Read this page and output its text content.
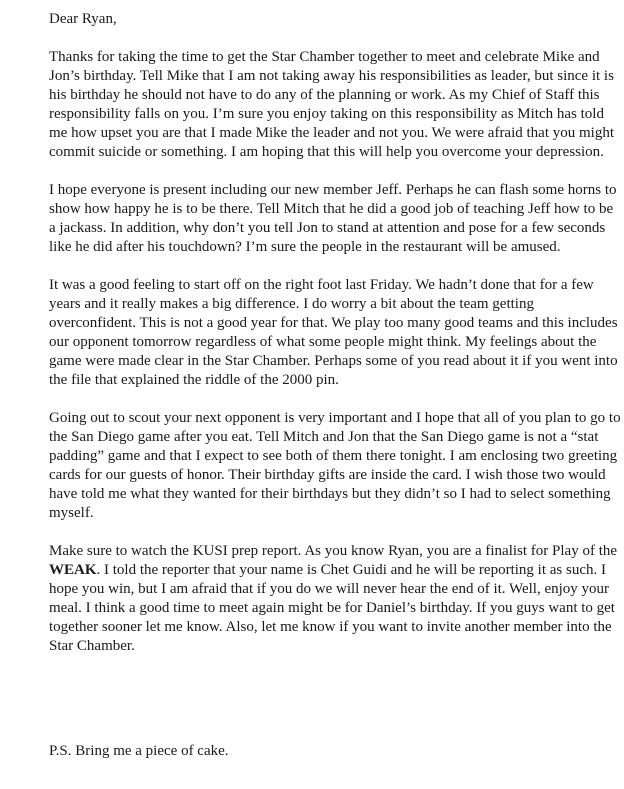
Dear Ryan,

Thanks for taking the time to get the Star Chamber together to meet and celebrate Mike and Jon’s birthday. Tell Mike that I am not taking away his responsibilities as leader, but since it is his birthday he should not have to do any of the planning or work. As my Chief of Staff this responsibility falls on you. I’m sure you enjoy taking on this responsibility as Mitch has told me how upset you are that I made Mike the leader and not you. We were afraid that you might commit suicide or something. I am hoping that this will help you overcome your depression.

I hope everyone is present including our new member Jeff. Perhaps he can flash some horns to show how happy he is to be there. Tell Mitch that he did a good job of teaching Jeff how to be a jackass. In addition, why don’t you tell Jon to stand at attention and pose for a few seconds like he did after his touchdown? I’m sure the people in the restaurant will be amused.

It was a good feeling to start off on the right foot last Friday. We hadn’t done that for a few years and it really makes a big difference. I do worry a bit about the team getting overconfident. This is not a good year for that. We play too many good teams and this includes our opponent tomorrow regardless of what some people might think. My feelings about the game were made clear in the Star Chamber. Perhaps some of you read about it if you went into the file that explained the riddle of the 2000 pin.

Going out to scout your next opponent is very important and I hope that all of you plan to go to the San Diego game after you eat. Tell Mitch and Jon that the San Diego game is not a “stat padding” game and that I expect to see both of them there tonight. I am enclosing two greeting cards for our guests of honor. Their birthday gifts are inside the card. I wish those two would have told me what they wanted for their birthdays but they didn’t so I had to select something myself.

Make sure to watch the KUSI prep report. As you know Ryan, you are a finalist for Play of the WEAK. I told the reporter that your name is Chet Guidi and he will be reporting it as such. I hope you win, but I am afraid that if you do we will never hear the end of it. Well, enjoy your meal. I think a good time to meet again might be for Daniel’s birthday. If you guys want to get together sooner let me know. Also, let me know if you want to invite another member into the Star Chamber.

P.S. Bring me a piece of cake.
